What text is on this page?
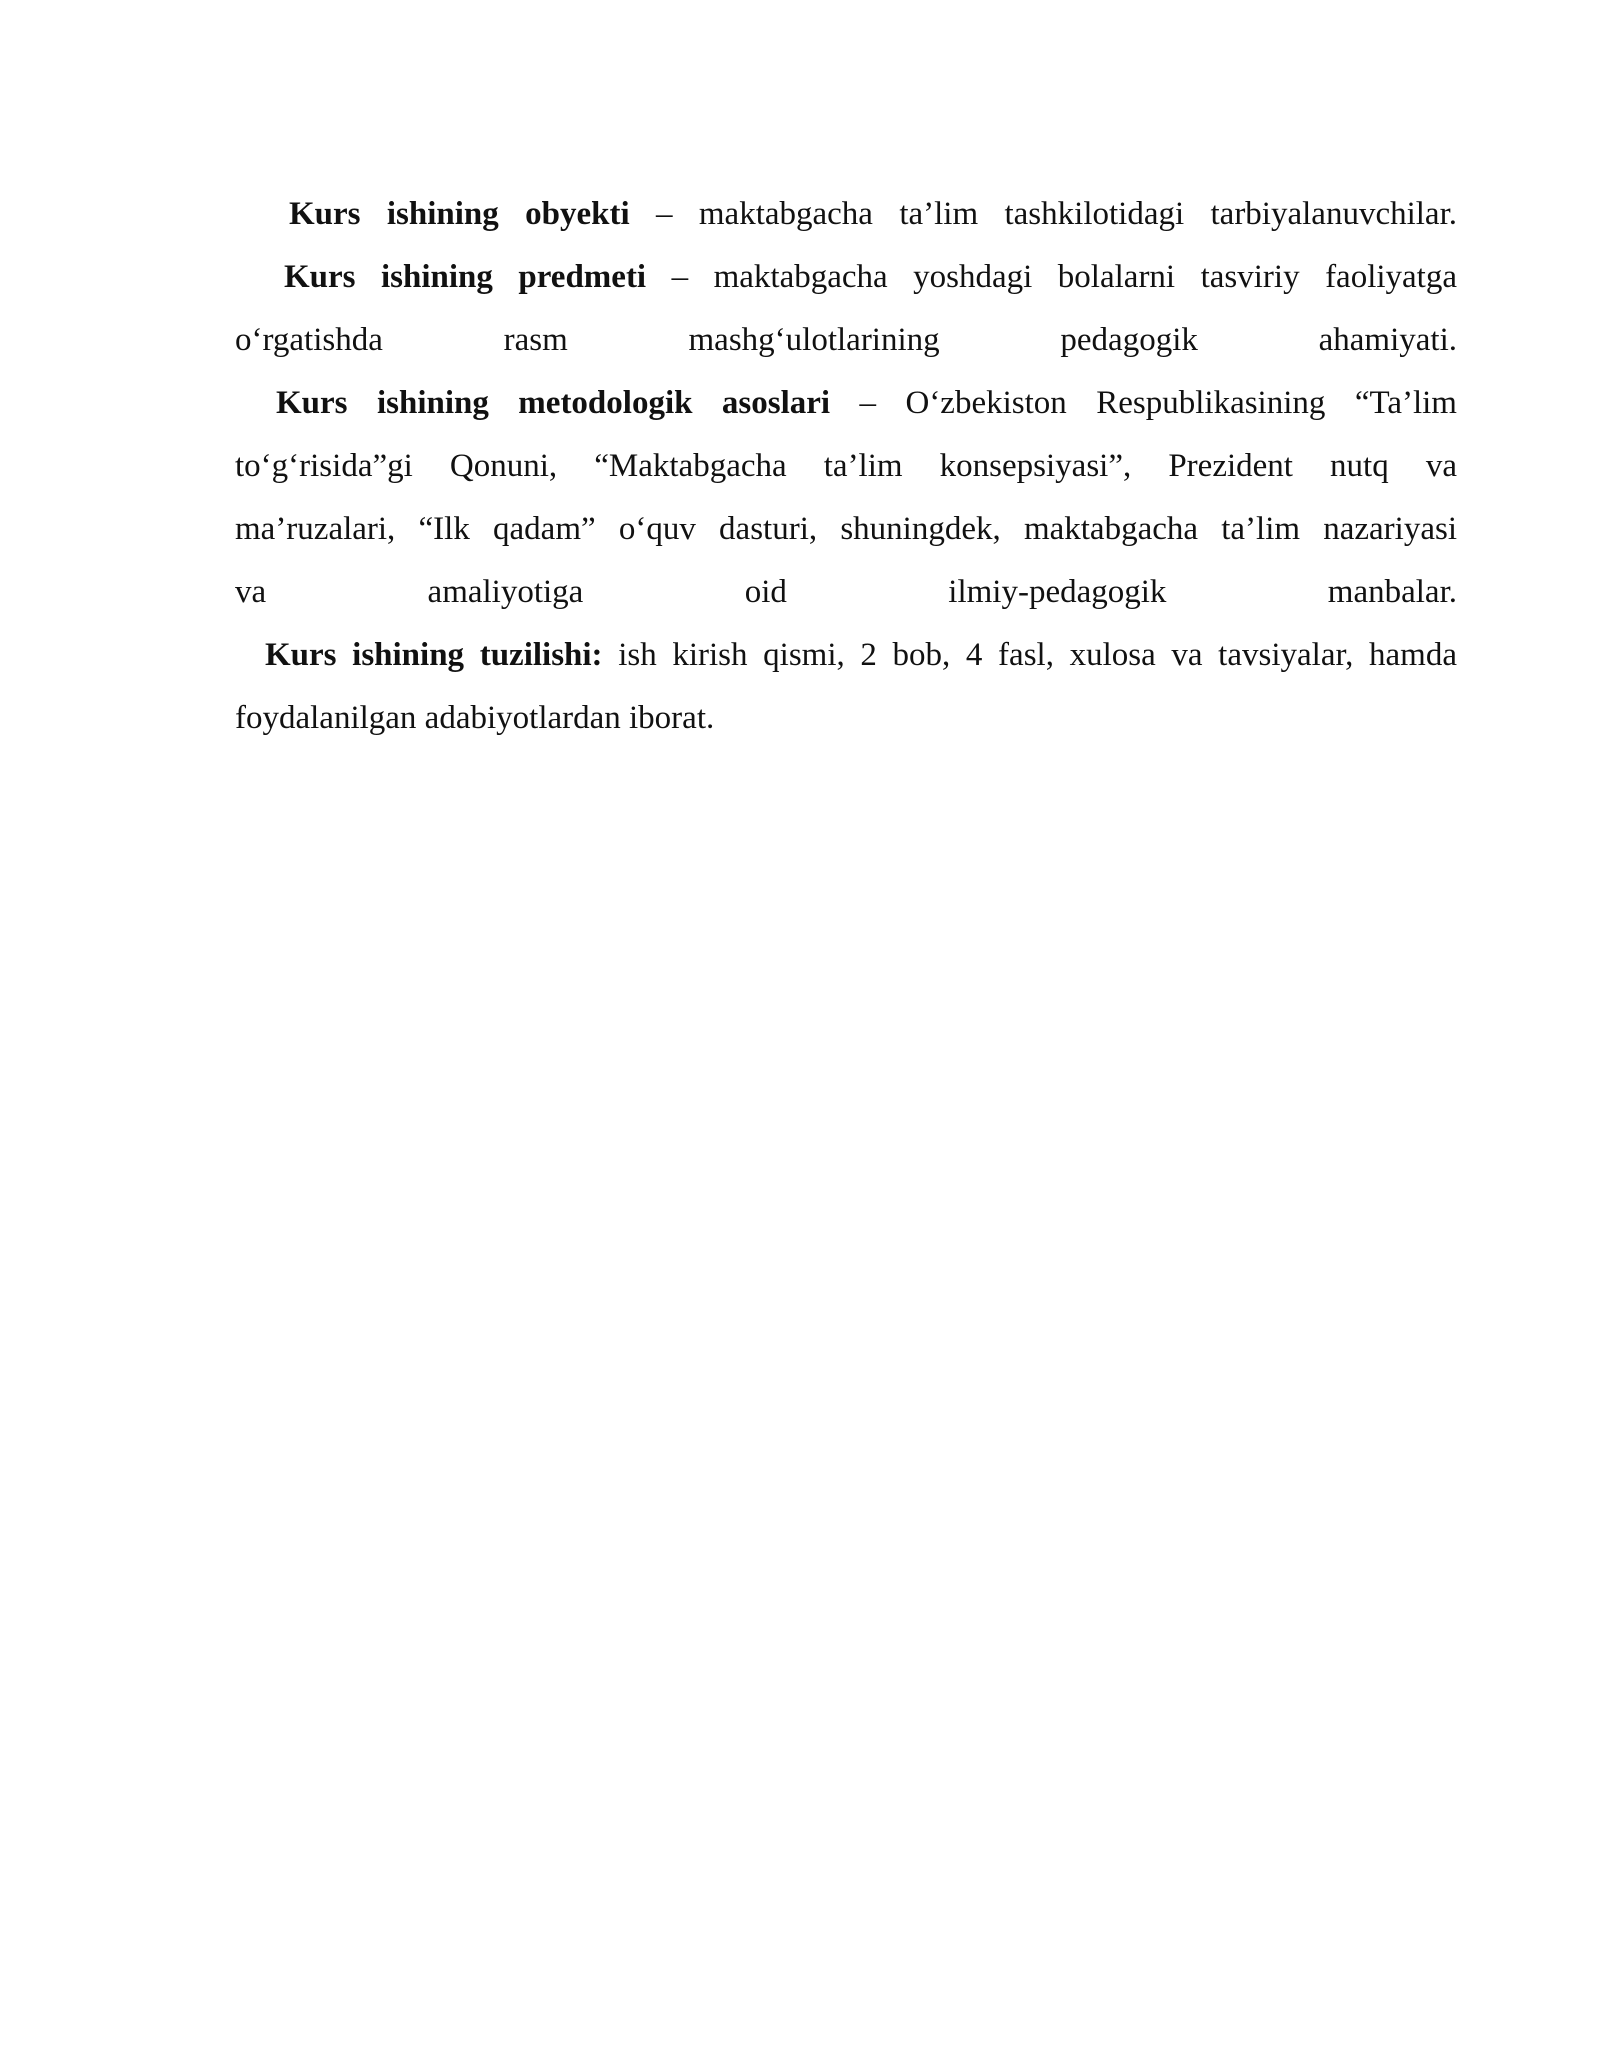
Kurs ishining obyekti – maktabgacha ta’lim tashkilotidagi tarbiyalanuvchilar.
Kurs ishining predmeti – maktabgacha yoshdagi bolalarni tasviriy faoliyatga
o‘rgatishda rasm mashg‘ulotlarining pedagogik ahamiyati.
Kurs ishining metodologik asoslari – O‘zbekiston Respublikasining “Ta’lim
to‘g‘risida”gi Qonuni, “Maktabgacha ta’lim konsepsiyasi”, Prezident nutq va
ma’ruzalari, “Ilk qadam” o‘quv dasturi, shuningdek, maktabgacha ta’lim nazariyasi
va amaliyotiga oid ilmiy-pedagogik manbalar.
Kurs ishining tuzilishi: ish kirish qismi, 2 bob, 4 fasl, xulosa va tavsiyalar, hamda
foydalanilgan adabiyotlardan iborat.
